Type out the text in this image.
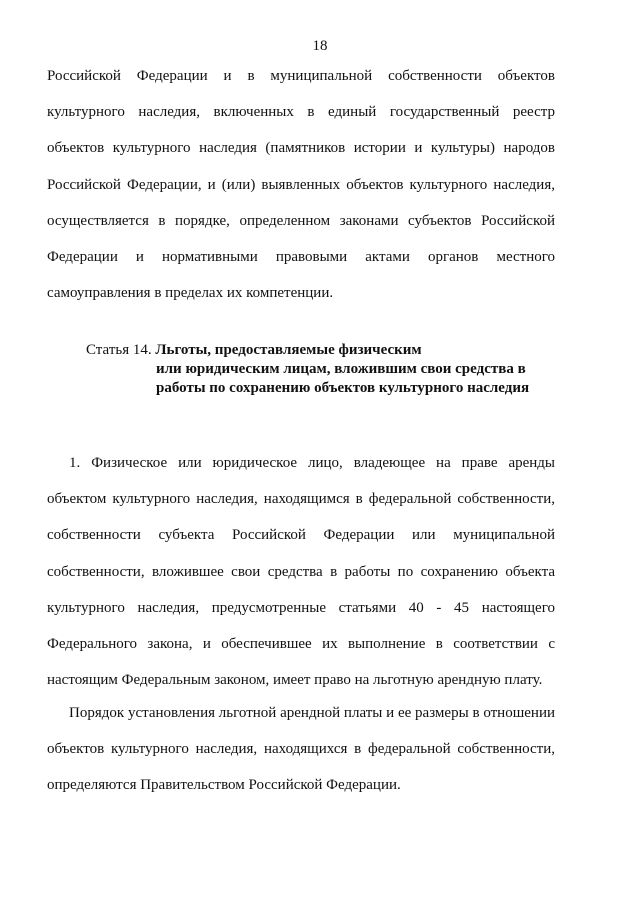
18

Российской Федерации и в муниципальной собственности объектов культурного наследия, включенных в единый государственный реестр объектов культурного наследия (памятников истории и культуры) народов Российской Федерации, и (или) выявленных объектов культурного наследия, осуществляется в порядке, определенном законами субъектов Российской Федерации и нормативными правовыми актами органов местного самоуправления в пределах их компетенции.

Статья 14. Льготы, предоставляемые физическим
или юридическим лицам, вложившим свои средства в
работы по сохранению объектов культурного наследия

1. Физическое или юридическое лицо, владеющее на праве аренды объектом культурного наследия, находящимся в федеральной собственности, собственности субъекта Российской Федерации или муниципальной собственности, вложившее свои средства в работы по сохранению объекта культурного наследия, предусмотренные статьями 40 - 45 настоящего Федерального закона, и обеспечившее их выполнение в соответствии с настоящим Федеральным законом, имеет право на льготную арендную плату.

Порядок установления льготной арендной платы и ее размеры в отношении объектов культурного наследия, находящихся в федеральной собственности, определяются Правительством Российской Федерации.
